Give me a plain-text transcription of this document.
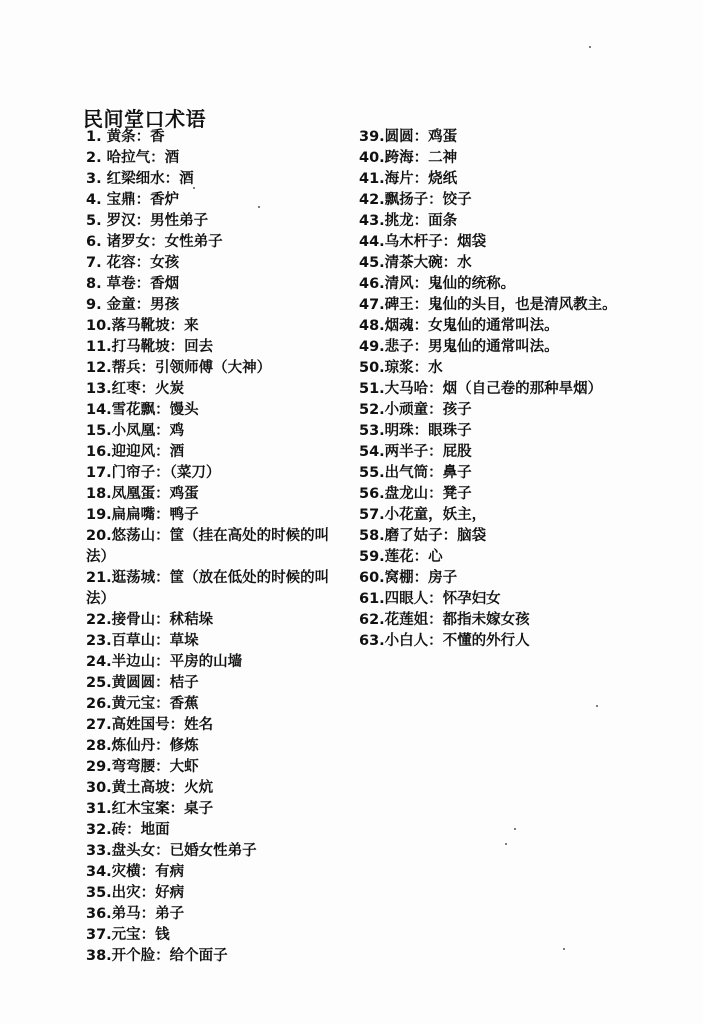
民间堂口术语
1. 黄条：香
2. 哈拉气：酒
3. 红梁细水：酒
4. 宝鼎：香炉
5. 罗汉：男性弟子
6. 诸罗女：女性弟子
7. 花容：女孩
8. 草卷：香烟
9. 金童：男孩
10.落马靴坡：来
11.打马靴坡：回去
12.帮兵：引领师傅（大神）
13.红枣：火炭
14.雪花飘：馒头
15.小凤凰：鸡
16.迎迎风：酒
17.门帘子：（菜刀）
18.凤凰蛋：鸡蛋
19.扁扁嘴：鸭子
20.悠荡山：筐（挂在高处的时候的叫法）
21.逛荡城：筐（放在低处的时候的叫法）
22.接骨山：秫秸垛
23.百草山：草垛
24.半边山：平房的山墙
25.黄圆圆：桔子
26.黄元宝：香蕉
27.高姓国号：姓名
28.炼仙丹：修炼
29.弯弯腰：大虾
30.黄土高坡：火炕
31.红木宝案：桌子
32.砖：地面
33.盘头女：已婚女性弟子
34.灾横：有病
35.出灾：好病
36.弟马：弟子
37.元宝：钱
38.开个脸：给个面子
39.圆圆：鸡蛋
40.跨海：二神
41.海片：烧纸
42.飘扬子：饺子
43.挑龙：面条
44.乌木杆子：烟袋
45.清茶大碗：水
46.清风：鬼仙的统称。
47.碑王：鬼仙的头目，也是清风教主。
48.烟魂：女鬼仙的通常叫法。
49.悲子：男鬼仙的通常叫法。
50.琼浆：水
51.大马哈：烟（自己卷的那种旱烟）
52.小顽童：孩子
53.明珠：眼珠子
54.两半子：屁股
55.出气筒：鼻子
56.盘龙山：凳子
57.小花童，妖主，
58.磨了姑子：脑袋
59.莲花：心
60.窝棚：房子
61.四眼人：怀孕妇女
62.花莲姐：都指未嫁女孩
63.小白人：不懂的外行人
